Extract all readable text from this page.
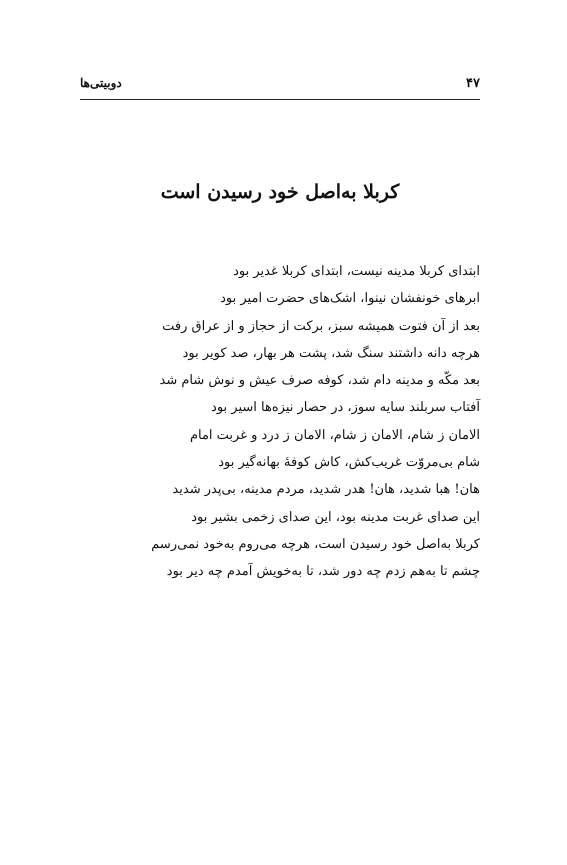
دوبیتی‌ها	۴۷
کربلا به‌اصل خود رسیدن است
ابتدای کربلا مدینه نیست، ابتدای کربلا غدیر بود
ابرهای خونفشان نینوا، اشک‌های حضرت امیر بود
بعد از آن فتوت همیشه سبز، برکت از حجاز و از عراق رفت
هرچه دانه داشتند سنگ شد، پشت هر بهار، صد کویر بود
بعد مکّه و مدینه دام شد، کوفه صرف عیش و نوش شام شد
آفتاب سربلند سایه سوز، در حصار نیزه‌ها اسیر بود
الامان ز شام، الامان ز شام، الامان ز درد و غربت امام
شام بی‌مروّت غریب‌کش، کاش کوفهٔ بهانه‌گیر بود
هان! هبا شدید، هان! هدر شدید، مردم مدینه، بی‌پدر شدید
این صدای غربت مدینه بود، این صدای زخمی بشیر بود
کربلا به‌اصل خود رسیدن است، هرچه می‌روم به‌خود نمی‌رسم
چشم تا به‌هم زدم چه دور شد، تا به‌خویش آمدم چه دیر بود
